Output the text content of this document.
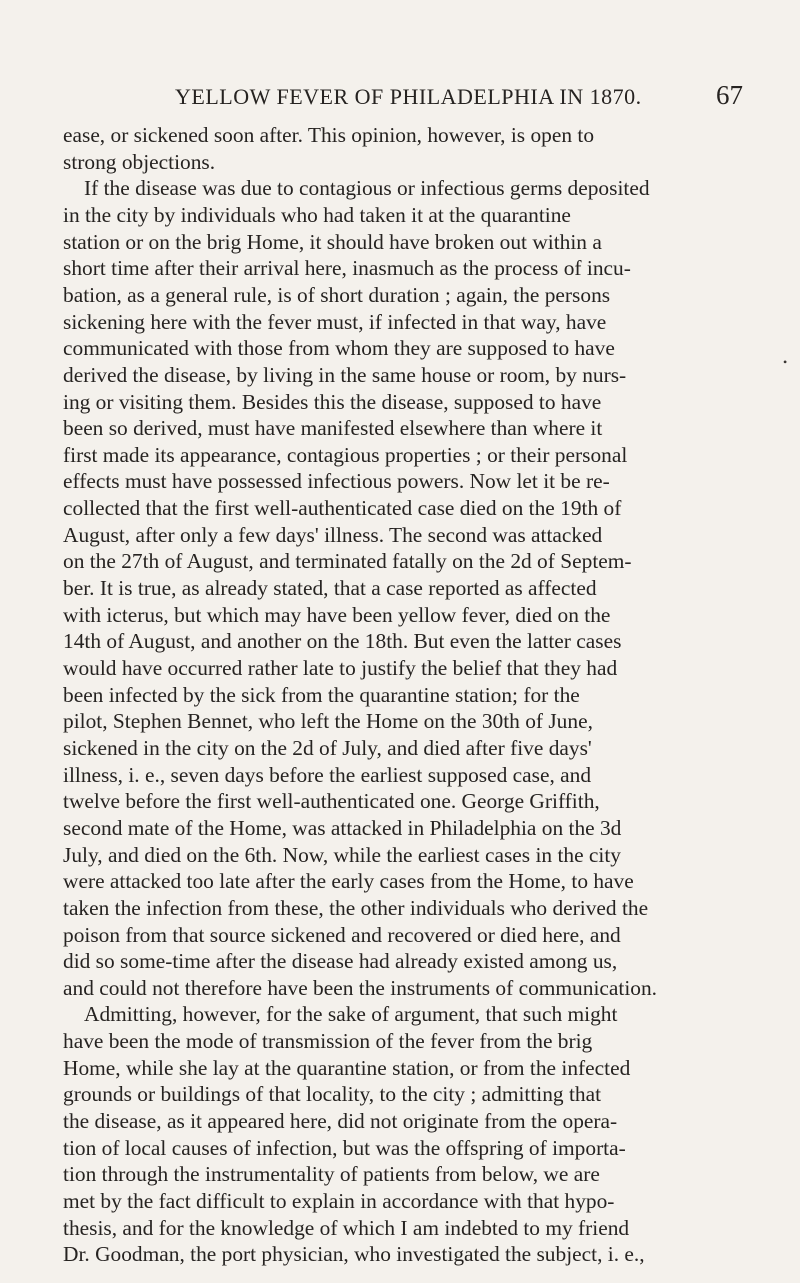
YELLOW FEVER OF PHILADELPHIA IN 1870.	67
ease, or sickened soon after. This opinion, however, is open to
strong objections.
If the disease was due to contagious or infectious germs deposited
in the city by individuals who had taken it at the quarantine
station or on the brig Home, it should have broken out within a
short time after their arrival here, inasmuch as the process of incu-
bation, as a general rule, is of short duration ; again, the persons
sickening here with the fever must, if infected in that way, have
communicated with those from whom they are supposed to have
derived the disease, by living in the same house or room, by nurs-
ing or visiting them. Besides this the disease, supposed to have
been so derived, must have manifested elsewhere than where it
first made its appearance, contagious properties ; or their personal
effects must have possessed infectious powers. Now let it be re-
collected that the first well-authenticated case died on the 19th of
August, after only a few days' illness. The second was attacked
on the 27th of August, and terminated fatally on the 2d of Septem-
ber. It is true, as already stated, that a case reported as affected
with icterus, but which may have been yellow fever, died on the
14th of August, and another on the 18th. But even the latter cases
would have occurred rather late to justify the belief that they had
been infected by the sick from the quarantine station; for the
pilot, Stephen Bennet, who left the Home on the 30th of June,
sickened in the city on the 2d of July, and died after five days'
illness, i. e., seven days before the earliest supposed case, and
twelve before the first well-authenticated one. George Griffith,
second mate of the Home, was attacked in Philadelphia on the 3d
July, and died on the 6th. Now, while the earliest cases in the city
were attacked too late after the early cases from the Home, to have
taken the infection from these, the other individuals who derived the
poison from that source sickened and recovered or died here, and
did so some-time after the disease had already existed among us,
and could not therefore have been the instruments of communication.
Admitting, however, for the sake of argument, that such might
have been the mode of transmission of the fever from the brig
Home, while she lay at the quarantine station, or from the infected
grounds or buildings of that locality, to the city ; admitting that
the disease, as it appeared here, did not originate from the opera-
tion of local causes of infection, but was the offspring of importa-
tion through the instrumentality of patients from below, we are
met by the fact difficult to explain in accordance with that hypo-
thesis, and for the knowledge of which I am indebted to my friend
Dr. Goodman, the port physician, who investigated the subject, i. e.,
•
